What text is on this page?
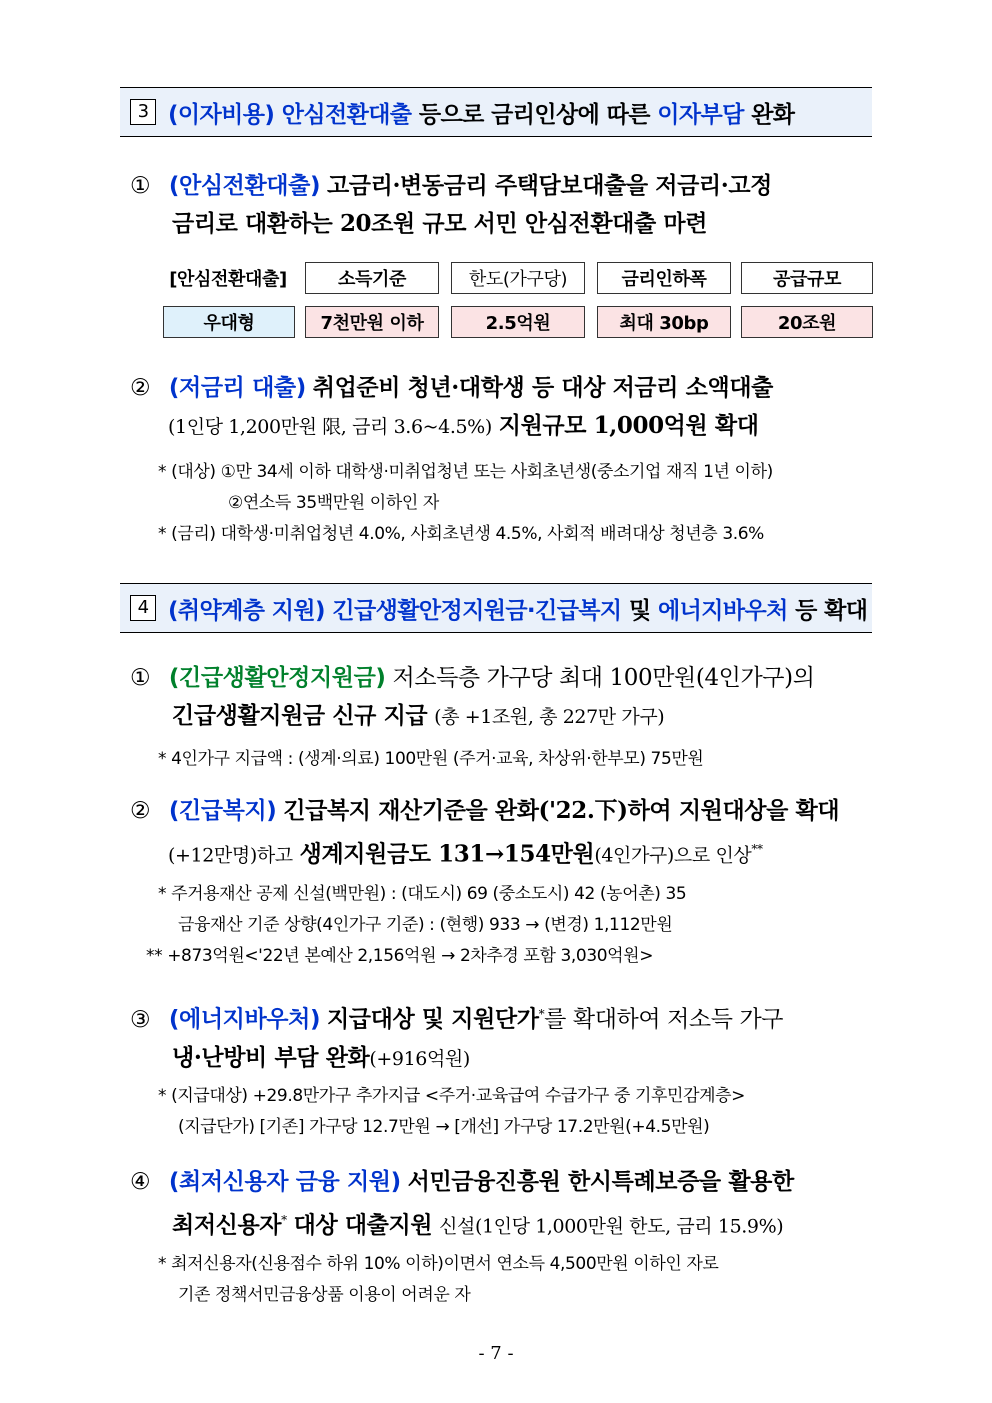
3 (이자비용)
안심전환대출
등으로 금리인상에 따른
이자부담
완화
① (안심전환대출) 고금리·변동금리 주택담보대출을 저금리·고정
금리로 대환하는 20조원 규모 서민 안심전환대출 마련
[안심전환대출]	소득기준	한도(가구당)	금리인하폭	공급규모
우대형	7천만원 이하	2.5억원	최대 30bp	20조원
② (저금리 대출) 취업준비 청년·대학생 등 대상 저금리 소액대출
(1인당 1,200만원 限, 금리 3.6~4.5%) 지원규모 1,000억원 확대
* (대상) ①만 34세 이하 대학생·미취업청년 또는 사회초년생(중소기업 재직 1년 이하)
②연소득 35백만원 이하인 자
* (금리) 대학생·미취업청년 4.0%, 사회초년생 4.5%, 사회적 배려대상 청년층 3.6%
4 (취약계층 지원)
긴급생활안정지원금·긴급복지
및
에너지바우처
등 확대
① (긴급생활안정지원금) 저소득층 가구당 최대 100만원(4인가구)의
긴급생활지원금 신규 지급 (총 +1조원, 총 227만 가구)
* 4인가구 지급액 : (생계·의료) 100만원 (주거·교육, 차상위·한부모) 75만원
② (긴급복지) 긴급복지 재산기준을 완화('22.下)하여 지원대상을 확대
(+12만명)하고 생계지원금도 131→154만원(4인가구)으로 인상**
* 주거용재산 공제 신설(백만원) : (대도시) 69 (중소도시) 42 (농어촌) 35
금융재산 기준 상향(4인가구 기준) : (현행) 933 → (변경) 1,112만원
** +873억원<'22년 본예산 2,156억원 → 2차추경 포함 3,030억원>
③ (에너지바우처) 지급대상 및 지원단가*를 확대하여 저소득 가구
냉·난방비 부담 완화(+916억원)
* (지급대상) +29.8만가구 추가지급 <주거·교육급여 수급가구 중 기후민감계층>
(지급단가) [기존] 가구당 12.7만원 → [개선] 가구당 17.2만원(+4.5만원)
④ (최저신용자 금융 지원) 서민금융진흥원 한시특례보증을 활용한
최저신용자* 대상 대출지원 신설(1인당 1,000만원 한도, 금리 15.9%)
* 최저신용자(신용점수 하위 10% 이하)이면서 연소득 4,500만원 이하인 자로
기존 정책서민금융상품 이용이 어려운 자
- 7 -
